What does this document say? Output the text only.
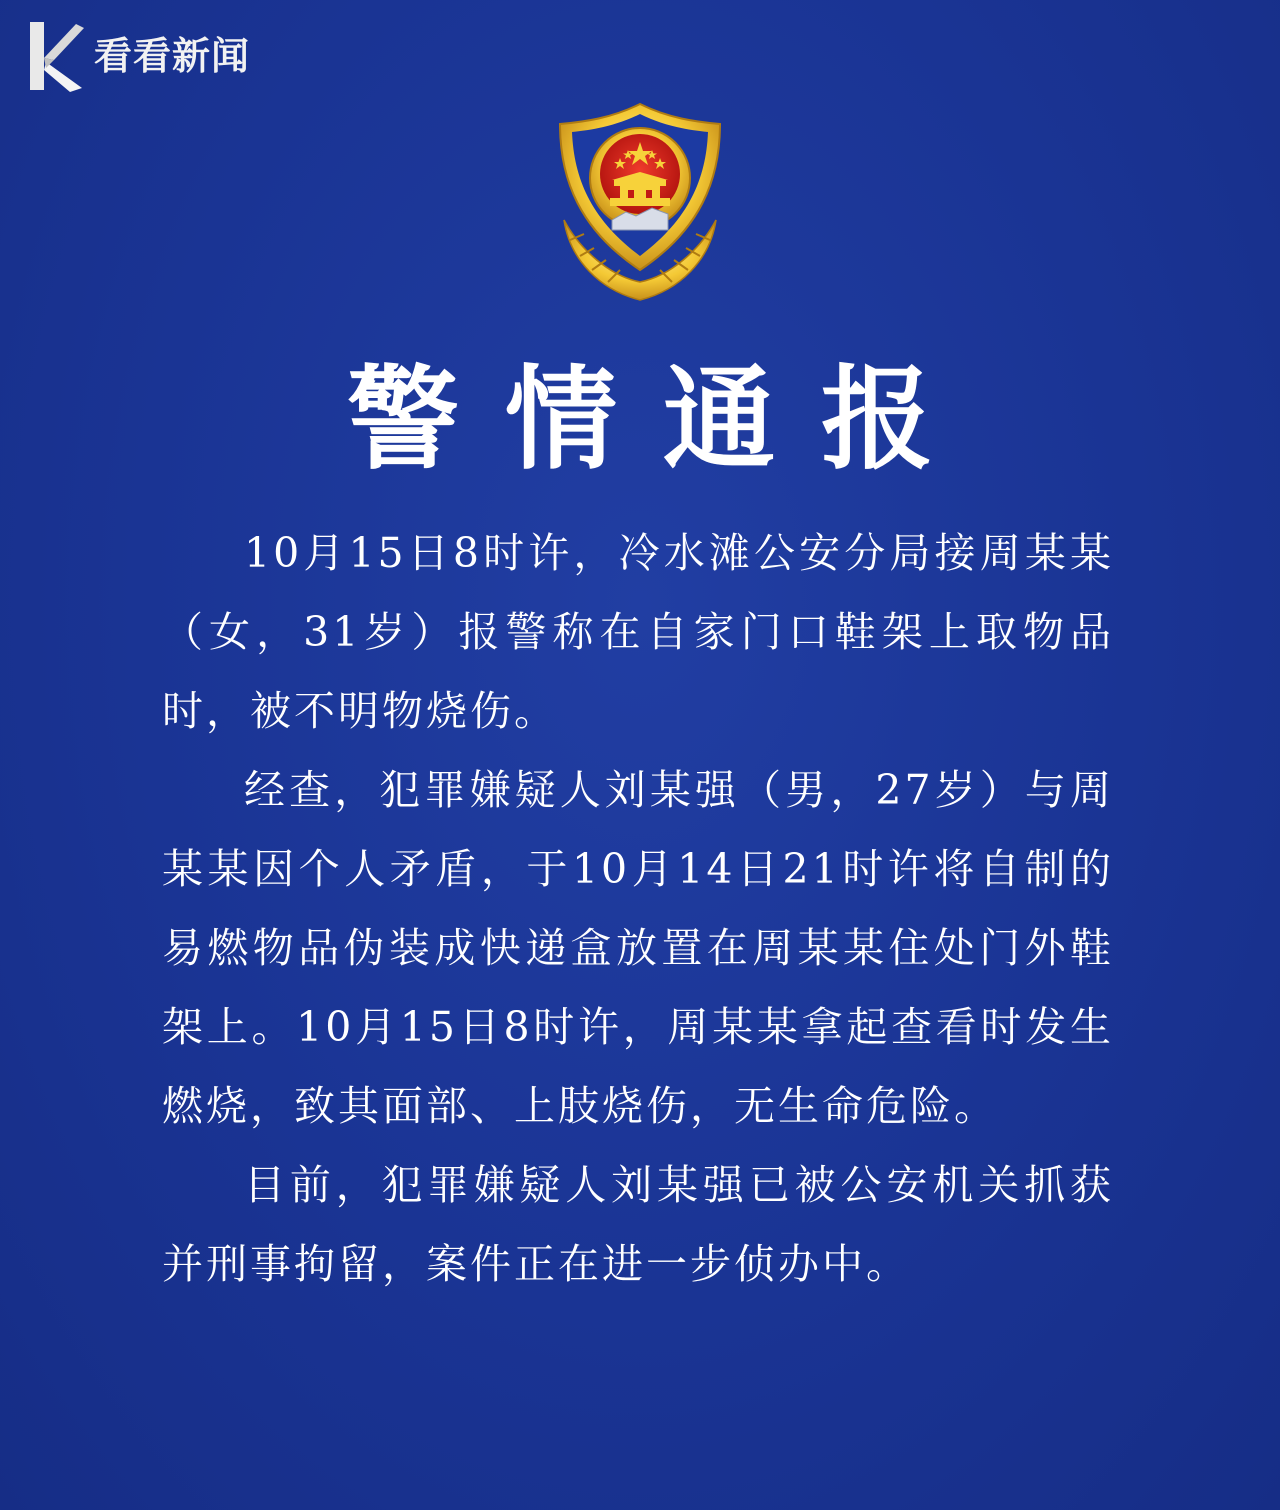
看看新闻
警情通报

10月15日8时许，冷水滩公安分局接周某某（女，31岁）报警称在自家门口鞋架上取物品时，被不明物烧伤。

经查，犯罪嫌疑人刘某强（男，27岁）与周某某因个人矛盾，于10月14日21时许将自制的易燃物品伪装成快递盒放置在周某某住处门外鞋架上。10月15日8时许，周某某拿起查看时发生燃烧，致其面部、上肢烧伤，无生命危险。

目前，犯罪嫌疑人刘某强已被公安机关抓获并刑事拘留，案件正在进一步侦办中。
